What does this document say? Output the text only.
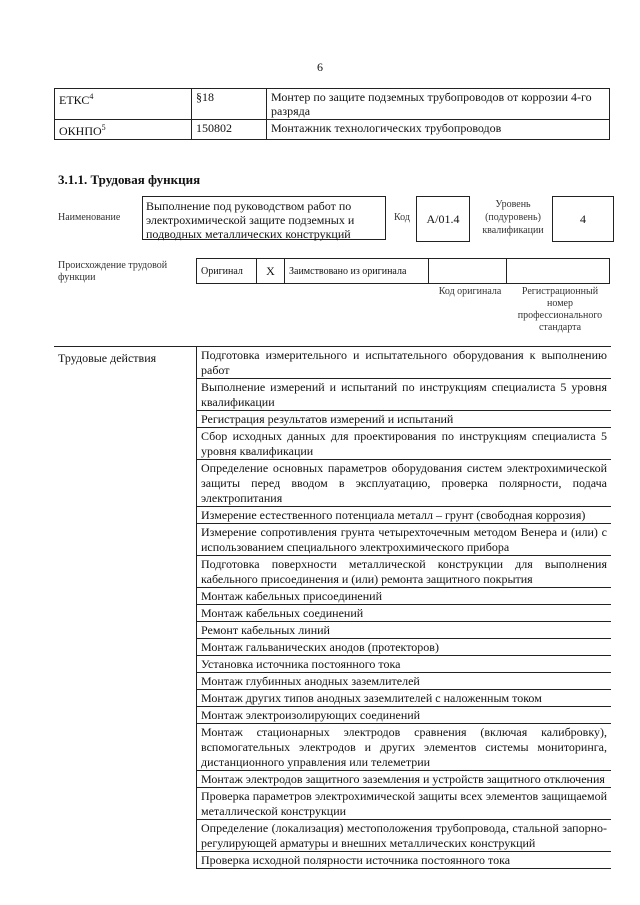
6
ЕТКС$^4$	§18	Монтер по защите подземных трубопроводов от коррозии 4-го разряда
ОКНПО$^5$	150802	Монтажник технологических трубопроводов
3.1.1. Трудовая функция
Наименование
Выполнение под руководством работ по электрохимической защите подземных и подводных металлических конструкций
Код	A/01.4
Уровень (подуровень) квалификации
4
Происхождение трудовой функции
Оригинал	X	Заимствовано из оригинала
Код оригинала	Регистрационный номер профессионального стандарта
Трудовые действия	Подготовка измерительного и испытательного оборудования к выполнению работ
Выполнение измерений и испытаний по инструкциям специалиста 5 уровня квалификации
Регистрация результатов измерений и испытаний
Сбор исходных данных для проектирования по инструкциям специалиста 5 уровня квалификации
Определение основных параметров оборудования систем электрохимической защиты перед вводом в эксплуатацию, проверка полярности, подача электропитания
Измерение естественного потенциала металл – грунт (свободная коррозия)
Измерение сопротивления грунта четырехточечным методом Венера и (или) с использованием специального электрохимического прибора
Подготовка поверхности металлической конструкции для выполнения кабельного присоединения и (или) ремонта защитного покрытия
Монтаж кабельных присоединений
Монтаж кабельных соединений
Ремонт кабельных линий
Монтаж гальванических анодов (протекторов)
Установка источника постоянного тока
Монтаж глубинных анодных заземлителей
Монтаж других типов анодных заземлителей с наложенным током
Монтаж электроизолирующих соединений
Монтаж стационарных электродов сравнения (включая калибровку), вспомогательных электродов и других элементов системы мониторинга, дистанционного управления или телеметрии
Монтаж электродов защитного заземления и устройств защитного отключения
Проверка параметров электрохимической защиты всех элементов защищаемой металлической конструкции
Определение (локализация) местоположения трубопровода, стальной запорно-регулирующей арматуры и внешних металлических конструкций
Проверка исходной полярности источника постоянного тока
